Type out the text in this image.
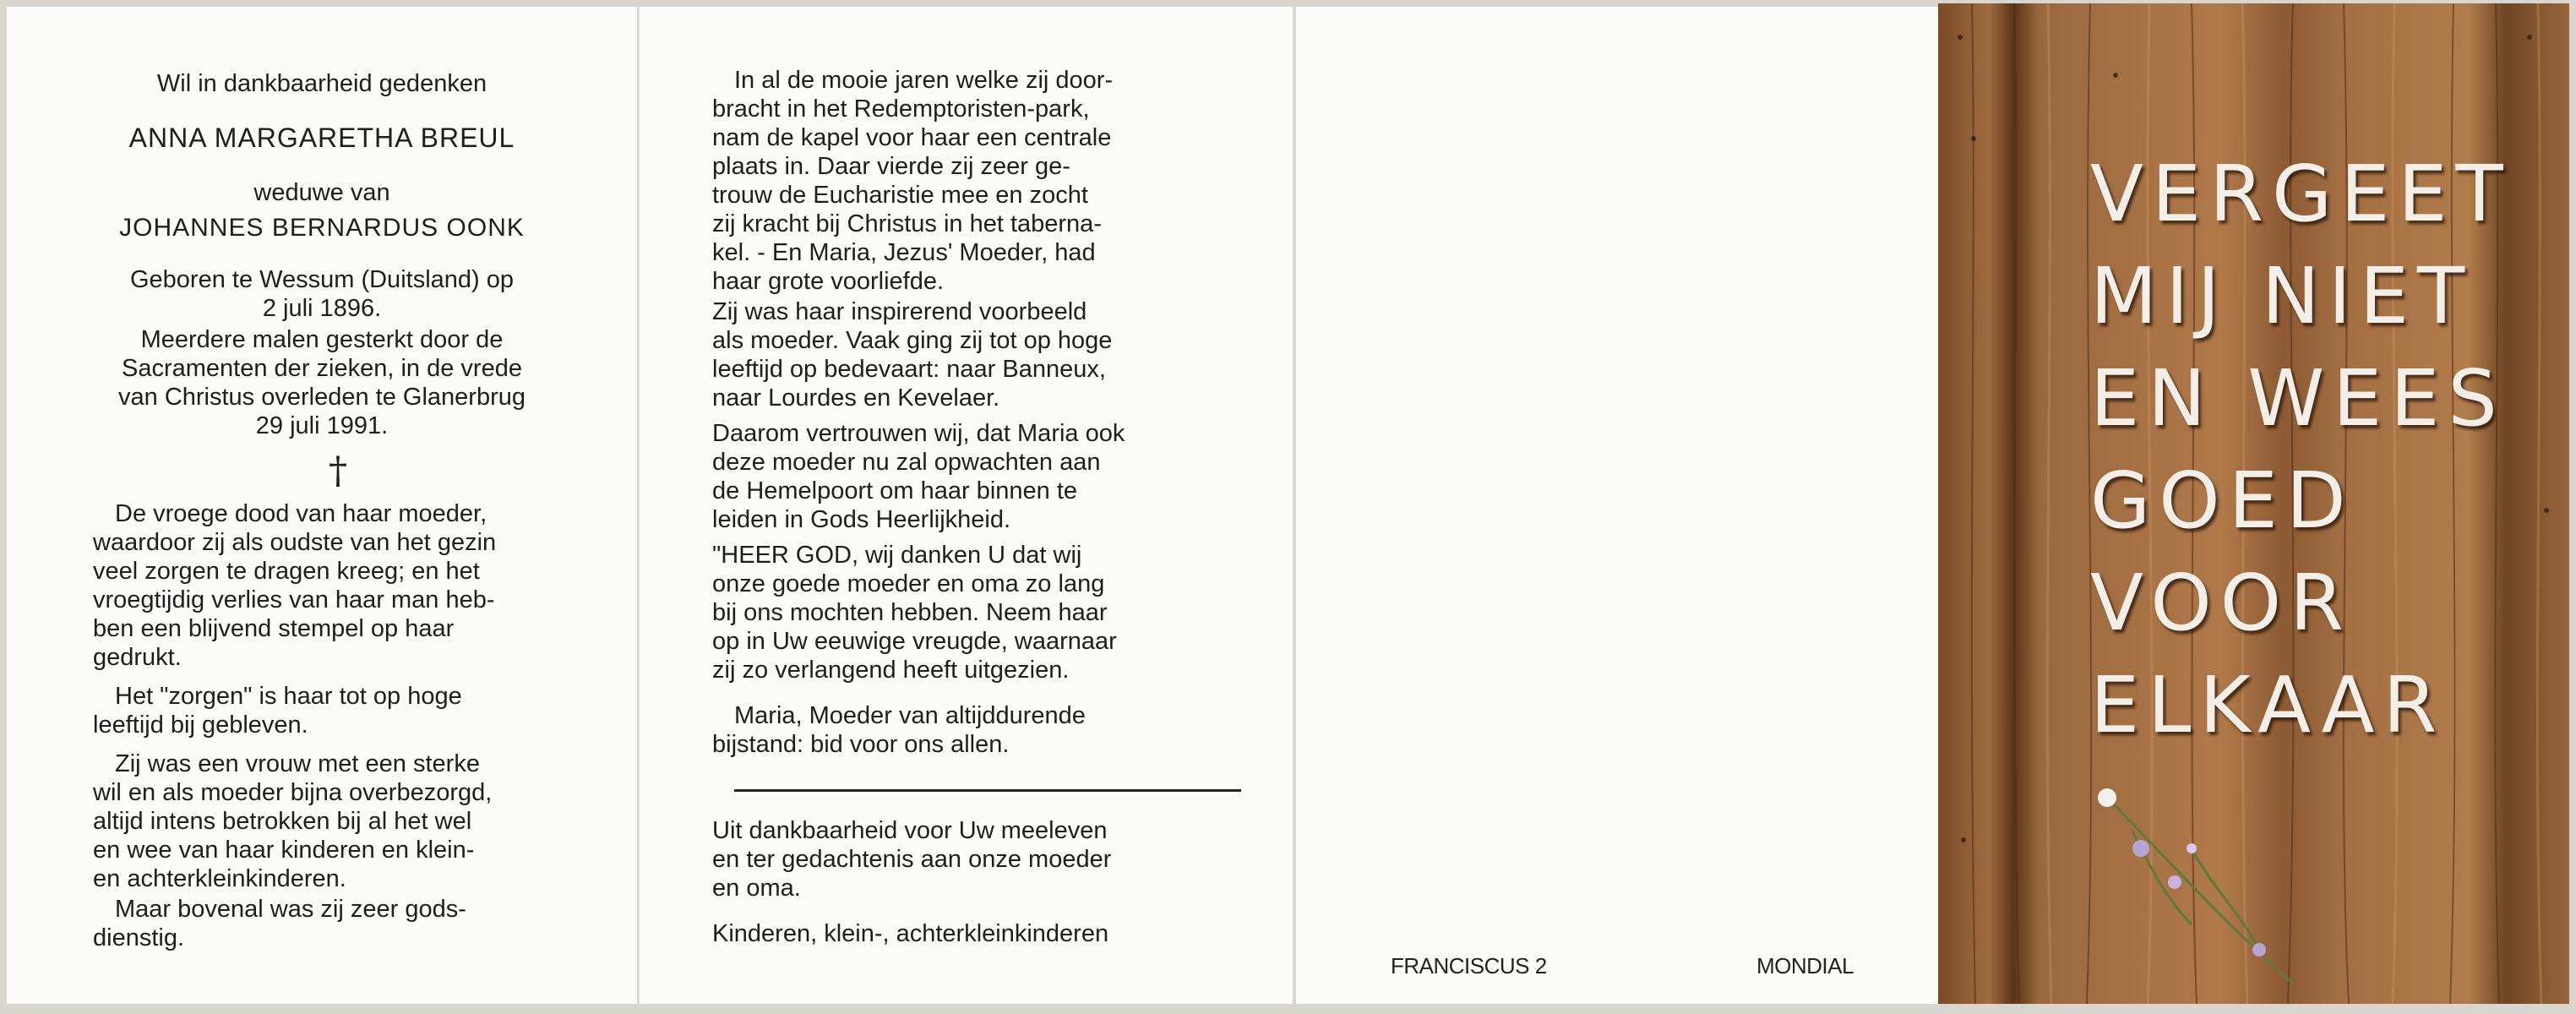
Wil in dankbaarheid gedenken
ANNA MARGARETHA BREUL
weduwe van
JOHANNES BERNARDUS OONK
Geboren te Wessum (Duitsland) op
2 juli 1896.
Meerdere malen gesterkt door de
Sacramenten der zieken, in de vrede
van Christus overleden te Glanerbrug
29 juli 1991.
†
De vroege dood van haar moeder,
waardoor zij als oudste van het gezin
veel zorgen te dragen kreeg; en het
vroegtijdig verlies van haar man heb-
ben een blijvend stempel op haar
gedrukt.
Het "zorgen" is haar tot op hoge
leeftijd bij gebleven.
Zij was een vrouw met een sterke
wil en als moeder bijna overbezorgd,
altijd intens betrokken bij al het wel
en wee van haar kinderen en klein-
en achterkleinkinderen.
Maar bovenal was zij zeer gods-
dienstig.
In al de mooie jaren welke zij door-
bracht in het Redemptoristen-park,
nam de kapel voor haar een centrale
plaats in. Daar vierde zij zeer ge-
trouw de Eucharistie mee en zocht
zij kracht bij Christus in het taberna-
kel. - En Maria, Jezus' Moeder, had
haar grote voorliefde.
Zij was haar inspirerend voorbeeld
als moeder. Vaak ging zij tot op hoge
leeftijd op bedevaart: naar Banneux,
naar Lourdes en Kevelaer.
Daarom vertrouwen wij, dat Maria ook
deze moeder nu zal opwachten aan
de Hemelpoort om haar binnen te
leiden in Gods Heerlijkheid.
"HEER GOD, wij danken U dat wij
onze goede moeder en oma zo lang
bij ons mochten hebben. Neem haar
op in Uw eeuwige vreugde, waarnaar
zij zo verlangend heeft uitgezien.
Maria, Moeder van altijddurende
bijstand: bid voor ons allen.
Uit dankbaarheid voor Uw meeleven
en ter gedachtenis aan onze moeder
en oma.
Kinderen, klein-, achterkleinkinderen
FRANCISCUS 2	MONDIAL
VERGEET
MIJ NIET
EN WEES
GOED
VOOR
ELKAAR
